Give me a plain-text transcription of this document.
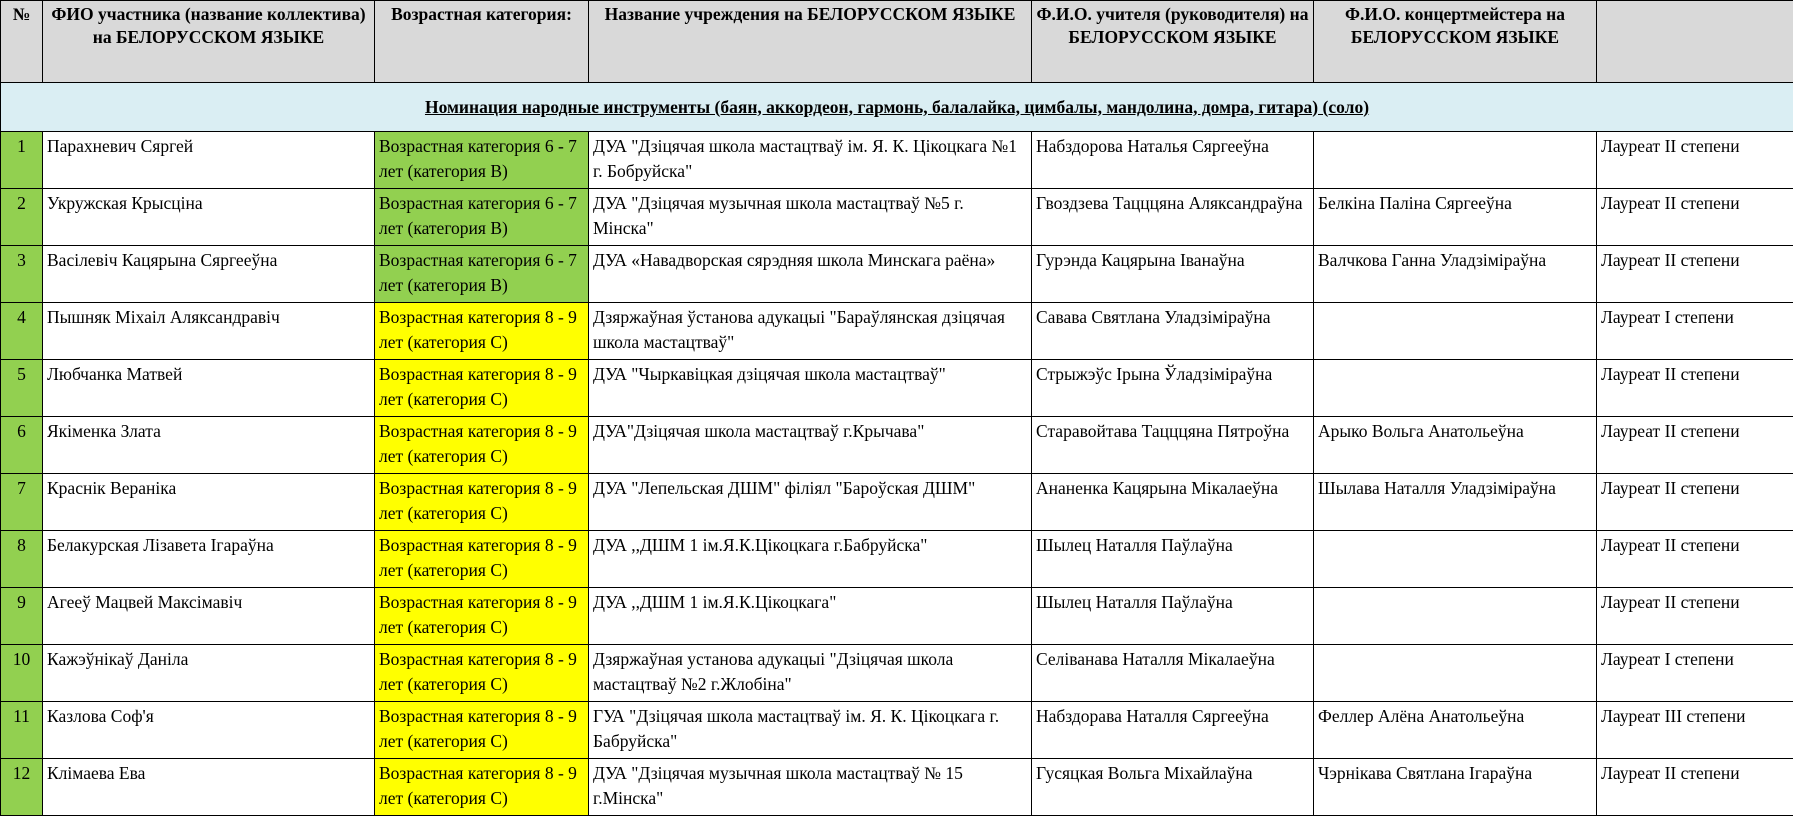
№	ФИО участника (название коллектива) на БЕЛОРУССКОМ ЯЗЫКЕ	Возрастная категория:	Название учреждения на БЕЛОРУССКОМ ЯЗЫКЕ	Ф.И.О. учителя (руководителя) на БЕЛОРУССКОМ ЯЗЫКЕ	Ф.И.О. концертмейстера на БЕЛОРУССКОМ ЯЗЫКЕ	
Номинация народные инструменты (баян, аккордеон, гармонь, балалайка, цимбалы, мандолина, домра, гитара) (соло)						
1	Парахневич Сяргей	Возрастная категория 6 - 7 лет (категория В)	ДУА "Дзіцячая школа мастацтваў ім. Я. К. Цікоцкага №1 г. Бобруйска"	Набздорова Наталья Сяргееўна		Лауреат II степени
2	Укружская Крысціна	Возрастная категория 6 - 7 лет (категория В)	ДУА "Дзіцячая музычная школа мастацтваў №5 г. Мінска"	Гвоздзева Тацццяна Аляксандраўна	Белкіна Паліна Сяргееўна	Лауреат II степени
3	Васілевіч Кацярына Сяргееўна	Возрастная категория 6 - 7 лет (категория В)	ДУА «Навадворская сярэдняя школа Минскага раёна»	Гурэнда Кацярына Іванаўна	Валчкова Ганна Уладзіміраўна	Лауреат II степени
4	Пышняк Міхаіл Аляксандравіч	Возрастная категория 8 - 9 лет (категория С)	Дзяржаўная ўстанова адукацыі "Бараўлянская дзіцячая школа мастацтваў"	Савава Святлана Уладзіміраўна		Лауреат I степени
5	Любчанка Матвей	Возрастная категория 8 - 9 лет (категория С)	ДУА "Чыркавіцкая дзіцячая школа мастацтваў"	Стрыжэўс Ірына Ўладзіміраўна		Лауреат II степени
6	Якіменка Злата	Возрастная категория 8 - 9 лет (категория С)	ДУА"Дзіцячая школа мастацтваў г.Крычава"	Старавойтава Тацццяна Пятроўна	Арыко Вольга Анатольеўна	Лауреат II степени
7	Краснік Вераніка	Возрастная категория 8 - 9 лет (категория С)	ДУА "Лепельская ДШМ" філіял "Бароўская ДШМ"	Ананенка Кацярына Мікалаеўна	Шылава Наталля Уладзіміраўна	Лауреат II степени
8	Белакурская Лізавета Ігараўна	Возрастная категория 8 - 9 лет (категория С)	ДУА ,,ДШМ 1 ім.Я.К.Цікоцкага г.Бабруйска"	Шылец Наталля Паўлаўна		Лауреат II степени
9	Агееў Мацвей Максімавіч	Возрастная категория 8 - 9 лет (категория С)	ДУА ,,ДШМ 1 ім.Я.К.Цікоцкага"	Шылец Наталля Паўлаўна		Лауреат II степени
10	Кажэўнікаў Даніла	Возрастная категория 8 - 9 лет (категория С)	Дзяржаўная установа адукацыі "Дзіцячая школа мастацтваў №2 г.Жлобіна"	Селіванава Наталля Мікалаеўна		Лауреат I степени
11	Казлова Соф'я	Возрастная категория 8 - 9 лет (категория С)	ГУА "Дзіцячая школа мастацтваў ім. Я. К. Цікоцкага г. Бабруйска"	Набздорава Наталля Сяргееўна	Феллер Алёна Анатольеўна	Лауреат III степени
12	Клімаева Ева	Возрастная категория 8 - 9 лет (категория С)	ДУА "Дзіцячая музычная школа мастацтваў № 15 г.Мінска"	Гусяцкая Вольга Міхайлаўна	Чэрнікава Святлана Ігараўна	Лауреат II степени
